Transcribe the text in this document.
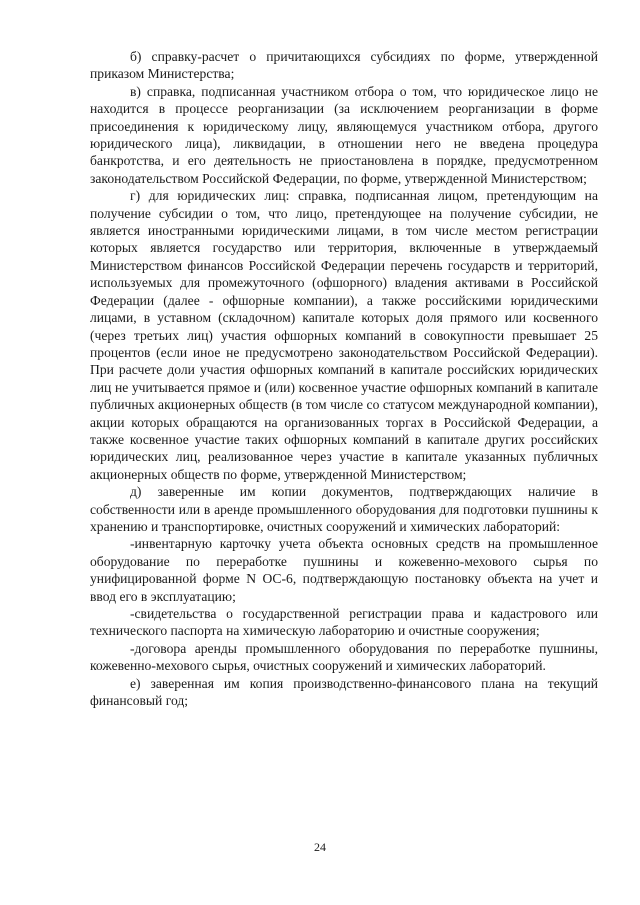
б) справку-расчет о причитающихся субсидиях по форме, утвержденной приказом Министерства;

в) справка, подписанная участником отбора о том, что юридическое лицо не находится в процессе реорганизации (за исключением реорганизации в форме присоединения к юридическому лицу, являющемуся участником отбора, другого юридического лица), ликвидации, в отношении него не введена процедура банкротства, и его деятельность не приостановлена в порядке, предусмотренном законодательством Российской Федерации, по форме, утвержденной Министерством;

г) для юридических лиц: справка, подписанная лицом, претендующим на получение субсидии о том, что лицо, претендующее на получение субсидии, не является иностранными юридическими лицами, в том числе местом регистрации которых является государство или территория, включенные в утверждаемый Министерством финансов Российской Федерации перечень государств и территорий, используемых для промежуточного (офшорного) владения активами в Российской Федерации (далее - офшорные компании), а также российскими юридическими лицами, в уставном (складочном) капитале которых доля прямого или косвенного (через третьих лиц) участия офшорных компаний в совокупности превышает 25 процентов (если иное не предусмотрено законодательством Российской Федерации). При расчете доли участия офшорных компаний в капитале российских юридических лиц не учитывается прямое и (или) косвенное участие офшорных компаний в капитале публичных акционерных обществ (в том числе со статусом международной компании), акции которых обращаются на организованных торгах в Российской Федерации, а также косвенное участие таких офшорных компаний в капитале других российских юридических лиц, реализованное через участие в капитале указанных публичных акционерных обществ по форме, утвержденной Министерством;

д) заверенные им копии документов, подтверждающих наличие в собственности или в аренде промышленного оборудования для подготовки пушнины к хранению и транспортировке, очистных сооружений и химических лабораторий:

-инвентарную карточку учета объекта основных средств на промышленное оборудование по переработке пушнины и кожевенно-мехового сырья по унифицированной форме N ОС-6, подтверждающую постановку объекта на учет и ввод его в эксплуатацию;

-свидетельства о государственной регистрации права и кадастрового или технического паспорта на химическую лабораторию и очистные сооружения;

-договора аренды промышленного оборудования по переработке пушнины, кожевенно-мехового сырья, очистных сооружений и химических лабораторий.

е) заверенная им копия производственно-финансового плана на текущий финансовый год;

24
